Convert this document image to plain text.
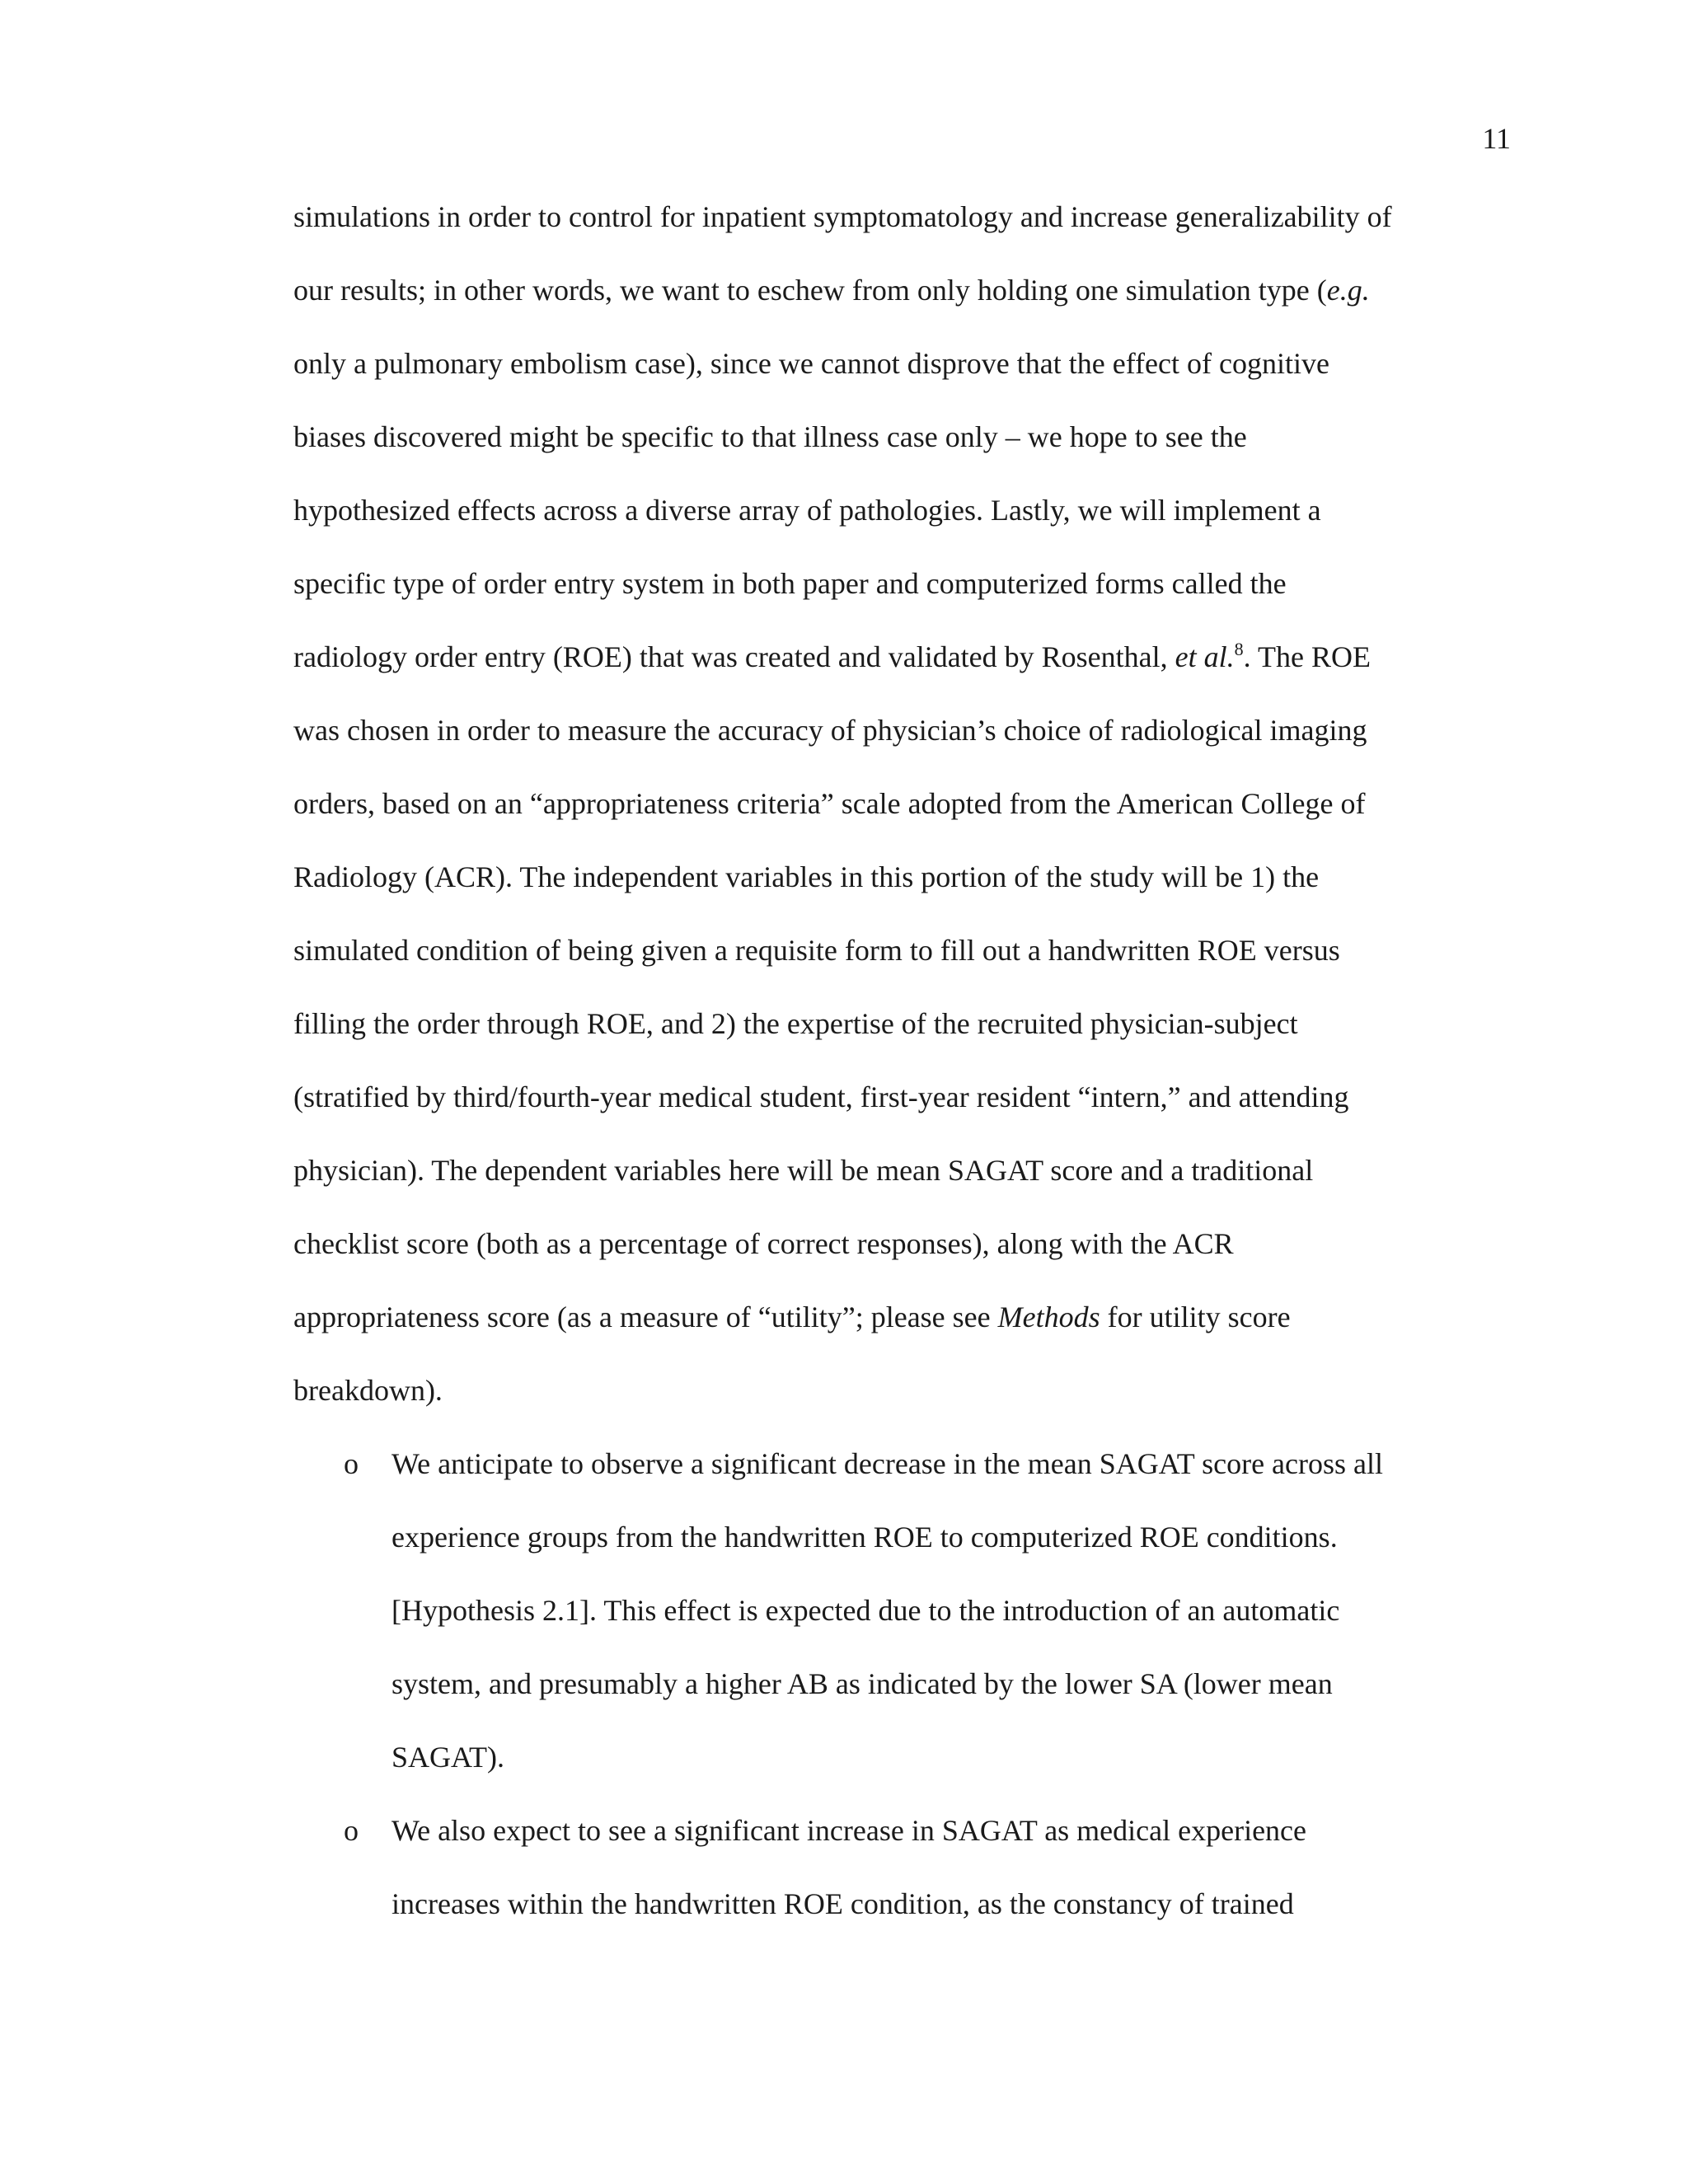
11
simulations in order to control for inpatient symptomatology and increase generalizability of
our results; in other words, we want to eschew from only holding one simulation type (e.g.
only a pulmonary embolism case), since we cannot disprove that the effect of cognitive
biases discovered might be specific to that illness case only – we hope to see the
hypothesized effects across a diverse array of pathologies. Lastly, we will implement a
specific type of order entry system in both paper and computerized forms called the
radiology order entry (ROE) that was created and validated by Rosenthal, et al.$^8$. The ROE
was chosen in order to measure the accuracy of physician’s choice of radiological imaging
orders, based on an “appropriateness criteria” scale adopted from the American College of
Radiology (ACR). The independent variables in this portion of the study will be 1) the
simulated condition of being given a requisite form to fill out a handwritten ROE versus
filling the order through ROE, and 2) the expertise of the recruited physician-subject
(stratified by third/fourth-year medical student, first-year resident “intern,” and attending
physician). The dependent variables here will be mean SAGAT score and a traditional
checklist score (both as a percentage of correct responses), along with the ACR
appropriateness score (as a measure of “utility”; please see Methods for utility score
breakdown).
o We anticipate to observe a significant decrease in the mean SAGAT score across all
experience groups from the handwritten ROE to computerized ROE conditions.
[Hypothesis 2.1]. This effect is expected due to the introduction of an automatic
system, and presumably a higher AB as indicated by the lower SA (lower mean
SAGAT).
o We also expect to see a significant increase in SAGAT as medical experience
increases within the handwritten ROE condition, as the constancy of trained
